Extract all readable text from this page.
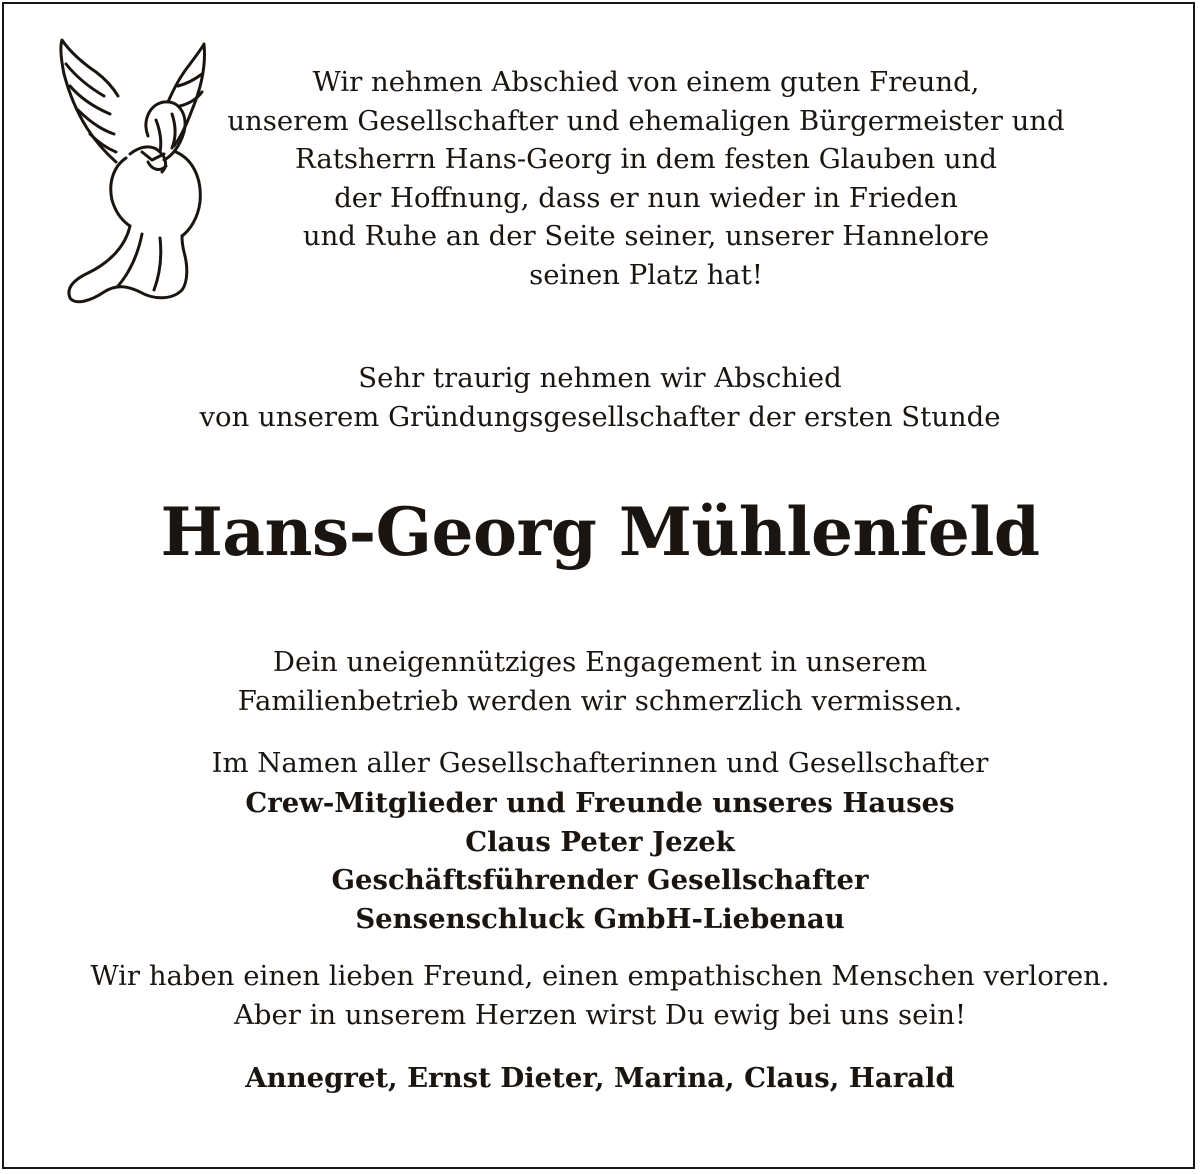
Wir nehmen Abschied von einem guten Freund,
unserem Gesellschafter und ehemaligen Bürgermeister und
Ratsherrn Hans-Georg in dem festen Glauben und
der Hoffnung, dass er nun wieder in Frieden
und Ruhe an der Seite seiner, unserer Hannelore
seinen Platz hat!
Sehr traurig nehmen wir Abschied
von unserem Gründungsgesellschafter der ersten Stunde
Hans-Georg Mühlenfeld
Dein uneigennütziges Engagement in unserem
Familienbetrieb werden wir schmerzlich vermissen.
Im Namen aller Gesellschafterinnen und Gesellschafter
Crew-Mitglieder und Freunde unseres Hauses
Claus Peter Jezek
Geschäftsführender Gesellschafter
Sensenschluck GmbH-Liebenau
Wir haben einen lieben Freund, einen empathischen Menschen verloren.
Aber in unserem Herzen wirst Du ewig bei uns sein!
Annegret, Ernst Dieter, Marina, Claus, Harald
